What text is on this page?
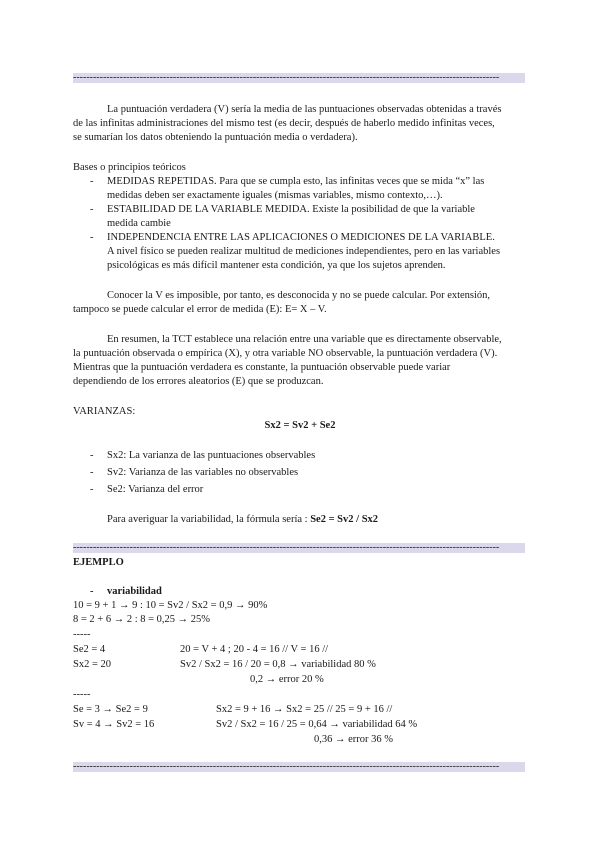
--------------------------------------------------------------------------------------------------------------------------------
La puntuación verdadera (V) sería la media de las puntuaciones observadas obtenidas a través
de las infinitas administraciones del mismo test (es decir, después de haberlo medido infinitas veces,
se sumarían los datos obteniendo la puntuación media o verdadera).
Bases o principios teóricos
- MEDIDAS REPETIDAS. Para que se cumpla esto, las infinitas veces que se mida “x” las
medidas deben ser exactamente iguales (mismas variables, mismo contexto,…).
- ESTABILIDAD DE LA VARIABLE MEDIDA. Existe la posibilidad de que la variable
medida cambie
- INDEPENDENCIA ENTRE LAS APLICACIONES O MEDICIONES DE LA VARIABLE.
A nivel físico se pueden realizar multitud de mediciones independientes, pero en las variables
psicológicas es más difícil mantener esta condición, ya que los sujetos aprenden.
Conocer la V es imposible, por tanto, es desconocida y no se puede calcular. Por extensión,
tampoco se puede calcular el error de medida (E): E= X – V.
En resumen, la TCT establece una relación entre una variable que es directamente observable,
la puntuación observada o empírica (X), y otra variable NO observable, la puntuación verdadera (V).
Mientras que la puntuación verdadera es constante, la puntuación observable puede variar
dependiendo de los errores aleatorios (E) que se produzcan.
VARIANZAS:
Sx2 = Sv2 + Se2
- Sx2: La varianza de las puntuaciones observables
- Sv2: Varianza de las variables no observables
- Se2: Varianza del error
Para averiguar la variabilidad, la fórmula sería : Se2 = Sv2 / Sx2
--------------------------------------------------------------------------------------------------------------------------------
EJEMPLO
- variabilidad
10 = 9 + 1 → 9 : 10 = Sv2 / Sx2 = 0,9 → 90%
8 = 2 + 6 → 2 : 8 = 0,25 → 25%
-----
Se2 = 4	20 = V + 4 ; 20 - 4 = 16 // V = 16 //
Sx2 = 20	Sv2 / Sx2 = 16 / 20 = 0,8 → variabilidad 80 %
0,2 → error 20 %
-----
Se = 3 → Se2 = 9	Sx2 = 9 + 16 → Sx2 = 25 // 25 = 9 + 16 //
Sv = 4 → Sv2 = 16	Sv2 / Sx2 = 16 / 25 = 0,64 → variabilidad 64 %
0,36 → error 36 %
--------------------------------------------------------------------------------------------------------------------------------
